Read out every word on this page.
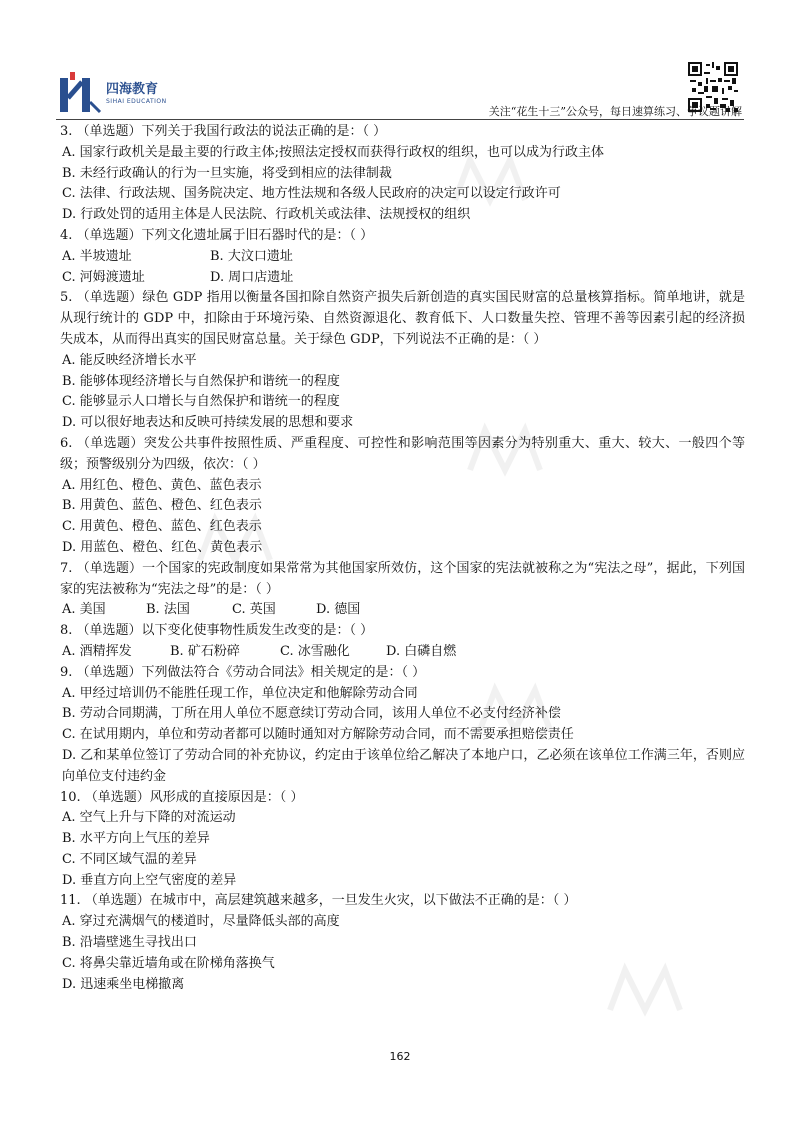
四海教育
SIHAI EDUCATION
关注“花生十三”公众号，每日速算练习、争议题讲解
3. （单选题）下列关于我国行政法的说法正确的是：（ ）
A. 国家行政机关是最主要的行政主体;按照法定授权而获得行政权的组织，也可以成为行政主体
B. 未经行政确认的行为一旦实施，将受到相应的法律制裁
C. 法律、行政法规、国务院决定、地方性法规和各级人民政府的决定可以设定行政许可
D. 行政处罚的适用主体是人民法院、行政机关或法律、法规授权的组织
4. （单选题）下列文化遗址属于旧石器时代的是：（ ）
A. 半坡遗址	B. 大汶口遗址
C. 河姆渡遗址	D. 周口店遗址
5. （单选题）绿色 GDP 指用以衡量各国扣除自然资产损失后新创造的真实国民财富的总量核算指标。简单地讲，就是从现行统计的 GDP 中，扣除由于环境污染、自然资源退化、教育低下、人口数量失控、管理不善等因素引起的经济损失成本，从而得出真实的国民财富总量。关于绿色 GDP，下列说法不正确的是：（ ）
A. 能反映经济增长水平
B. 能够体现经济增长与自然保护和谐统一的程度
C. 能够显示人口增长与自然保护和谐统一的程度
D. 可以很好地表达和反映可持续发展的思想和要求
6. （单选题）突发公共事件按照性质、严重程度、可控性和影响范围等因素分为特别重大、重大、较大、一般四个等级；预警级别分为四级，依次：（ ）
A. 用红色、橙色、黄色、蓝色表示
B. 用黄色、蓝色、橙色、红色表示
C. 用黄色、橙色、蓝色、红色表示
D. 用蓝色、橙色、红色、黄色表示
7. （单选题）一个国家的宪政制度如果常常为其他国家所效仿，这个国家的宪法就被称之为“宪法之母”，据此，下列国家的宪法被称为“宪法之母”的是：（ ）
A. 美国	B. 法国	C. 英国	D. 德国
8. （单选题）以下变化使事物性质发生改变的是：（ ）
A. 酒精挥发	B. 矿石粉碎	C. 冰雪融化	D. 白磷自燃
9. （单选题）下列做法符合《劳动合同法》相关规定的是：（ ）
A. 甲经过培训仍不能胜任现工作，单位决定和他解除劳动合同
B. 劳动合同期满，丁所在用人单位不愿意续订劳动合同，该用人单位不必支付经济补偿
C. 在试用期内，单位和劳动者都可以随时通知对方解除劳动合同，而不需要承担赔偿责任
D. 乙和某单位签订了劳动合同的补充协议，约定由于该单位给乙解决了本地户口，乙必须在该单位工作满三年，否则应向单位支付违约金
10. （单选题）风形成的直接原因是：（ ）
A. 空气上升与下降的对流运动
B. 水平方向上气压的差异
C. 不同区域气温的差异
D. 垂直方向上空气密度的差异
11. （单选题）在城市中，高层建筑越来越多，一旦发生火灾，以下做法不正确的是：（ ）
A. 穿过充满烟气的楼道时，尽量降低头部的高度
B. 沿墙壁逃生寻找出口
C. 将鼻尖靠近墙角或在阶梯角落换气
D. 迅速乘坐电梯撤离
162
